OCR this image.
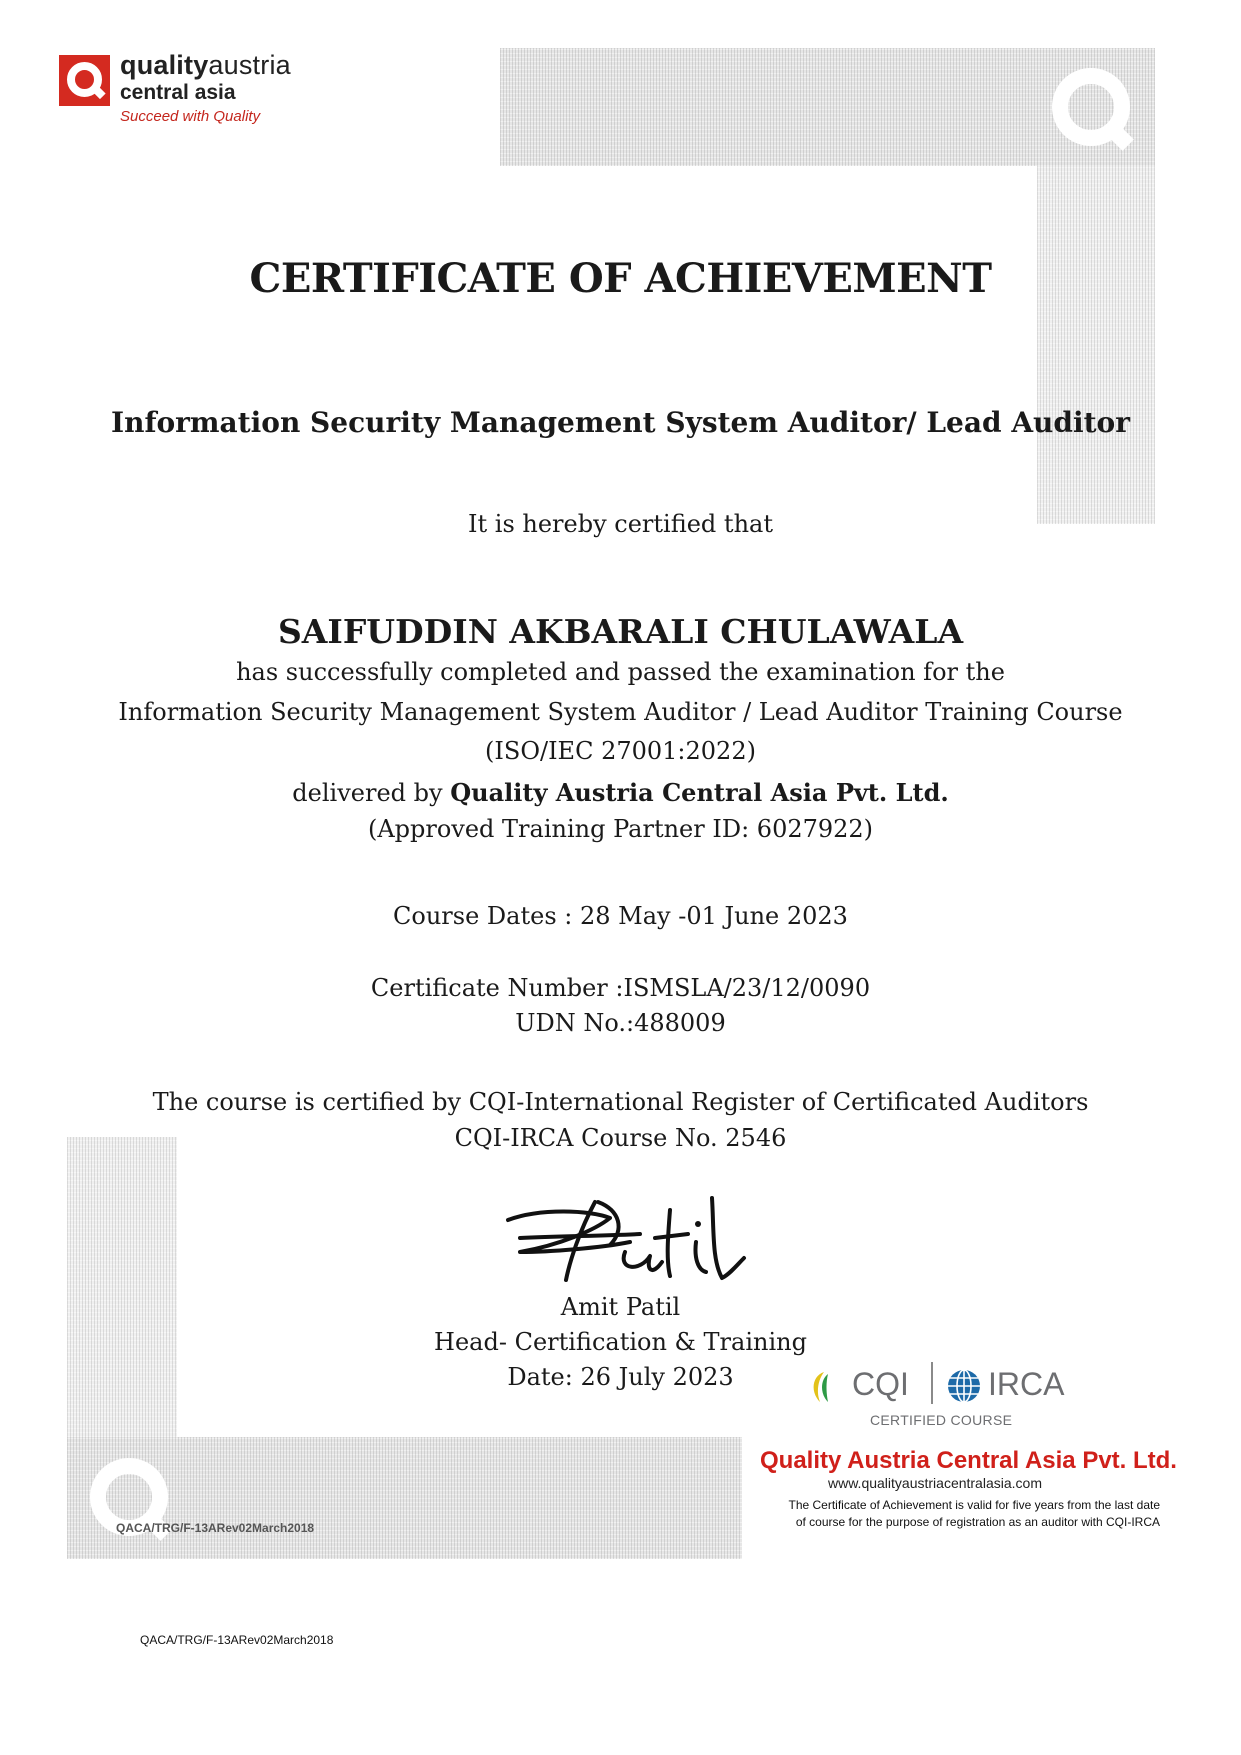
QACA/TRG/F-13ARev02March2018
qualityaustria
central asia
Succeed with Quality
CERTIFICATE OF ACHIEVEMENT
Information Security Management System Auditor/ Lead Auditor
It is hereby certified that
SAIFUDDIN AKBARALI CHULAWALA
has successfully completed and passed the examination for the
Information Security Management System Auditor / Lead Auditor Training Course
(ISO/IEC 27001:2022)
delivered by Quality Austria Central Asia Pvt. Ltd.
(Approved Training Partner ID: 6027922)
Course Dates : 28 May -01 June 2023
Certificate Number :ISMSLA/23/12/0090
UDN No.:488009
The course is certified by CQI-International Register of Certificated Auditors
CQI-IRCA Course No. 2546
Amit Patil
Head- Certification & Training
Date: 26 July 2023	CQI IRCA
CERTIFIED COURSE
Quality Austria Central Asia Pvt. Ltd.
www.qualityaustriacentralasia.com
The Certificate of Achievement is valid for five years from the last date
of course for the purpose of registration as an auditor with CQI-IRCA
QACA/TRG/F-13ARev02March2018
